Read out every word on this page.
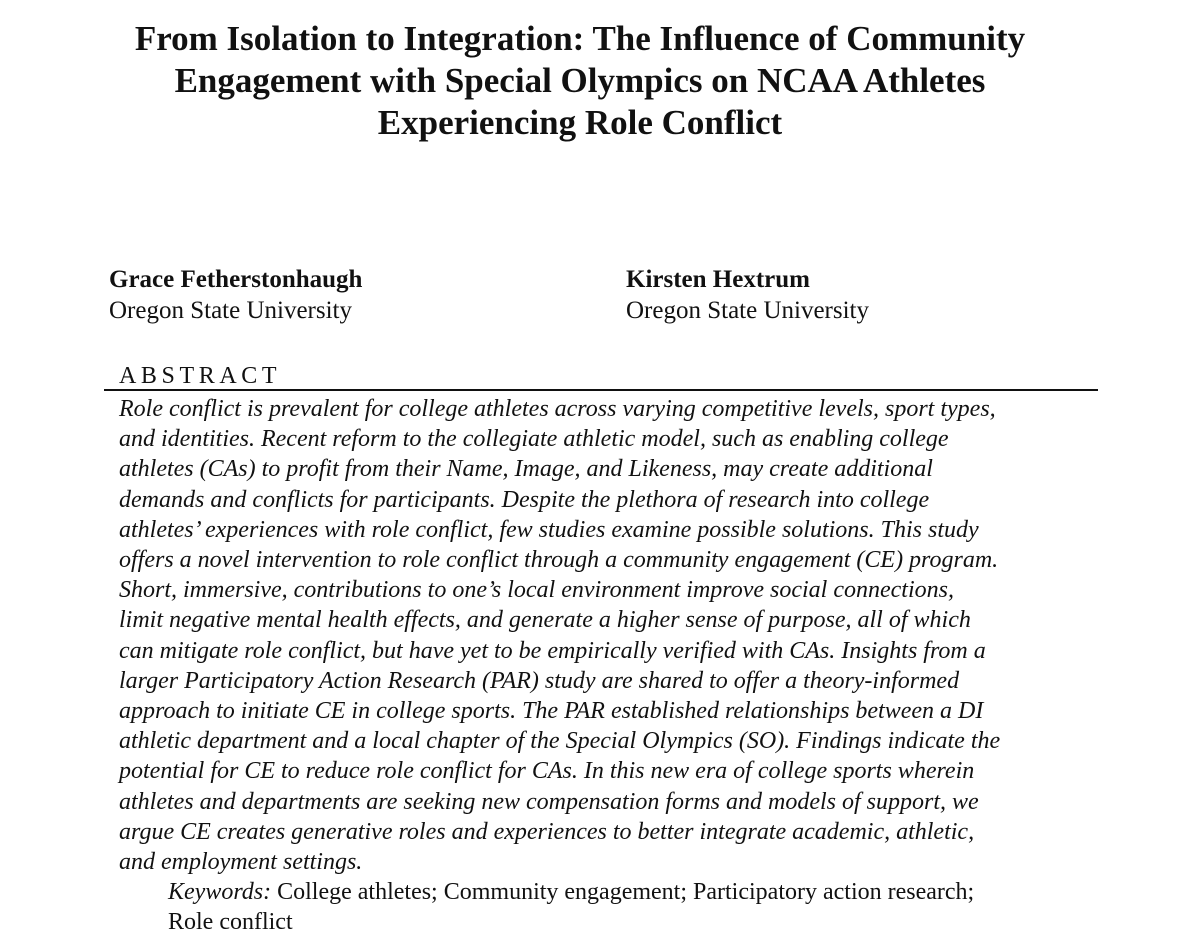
From Isolation to Integration: The Influence of Community
Engagement with Special Olympics on NCAA Athletes
Experiencing Role Conflict
Grace Fetherstonhaugh
Oregon State University
Kirsten Hextrum
Oregon State University
ABSTRACT
Role conflict is prevalent for college athletes across varying competitive levels, sport types,
and identities. Recent reform to the collegiate athletic model, such as enabling college
athletes (CAs) to profit from their Name, Image, and Likeness, may create additional
demands and conflicts for participants. Despite the plethora of research into college
athletes’ experiences with role conflict, few studies examine possible solutions. This study
offers a novel intervention to role conflict through a community engagement (CE) program.
Short, immersive, contributions to one’s local environment improve social connections,
limit negative mental health effects, and generate a higher sense of purpose, all of which
can mitigate role conflict, but have yet to be empirically verified with CAs. Insights from a
larger Participatory Action Research (PAR) study are shared to offer a theory-informed
approach to initiate CE in college sports. The PAR established relationships between a DI
athletic department and a local chapter of the Special Olympics (SO). Findings indicate the
potential for CE to reduce role conflict for CAs. In this new era of college sports wherein
athletes and departments are seeking new compensation forms and models of support, we
argue CE creates generative roles and experiences to better integrate academic, athletic,
and employment settings.
Keywords: College athletes; Community engagement; Participatory action research;
Role conflict
